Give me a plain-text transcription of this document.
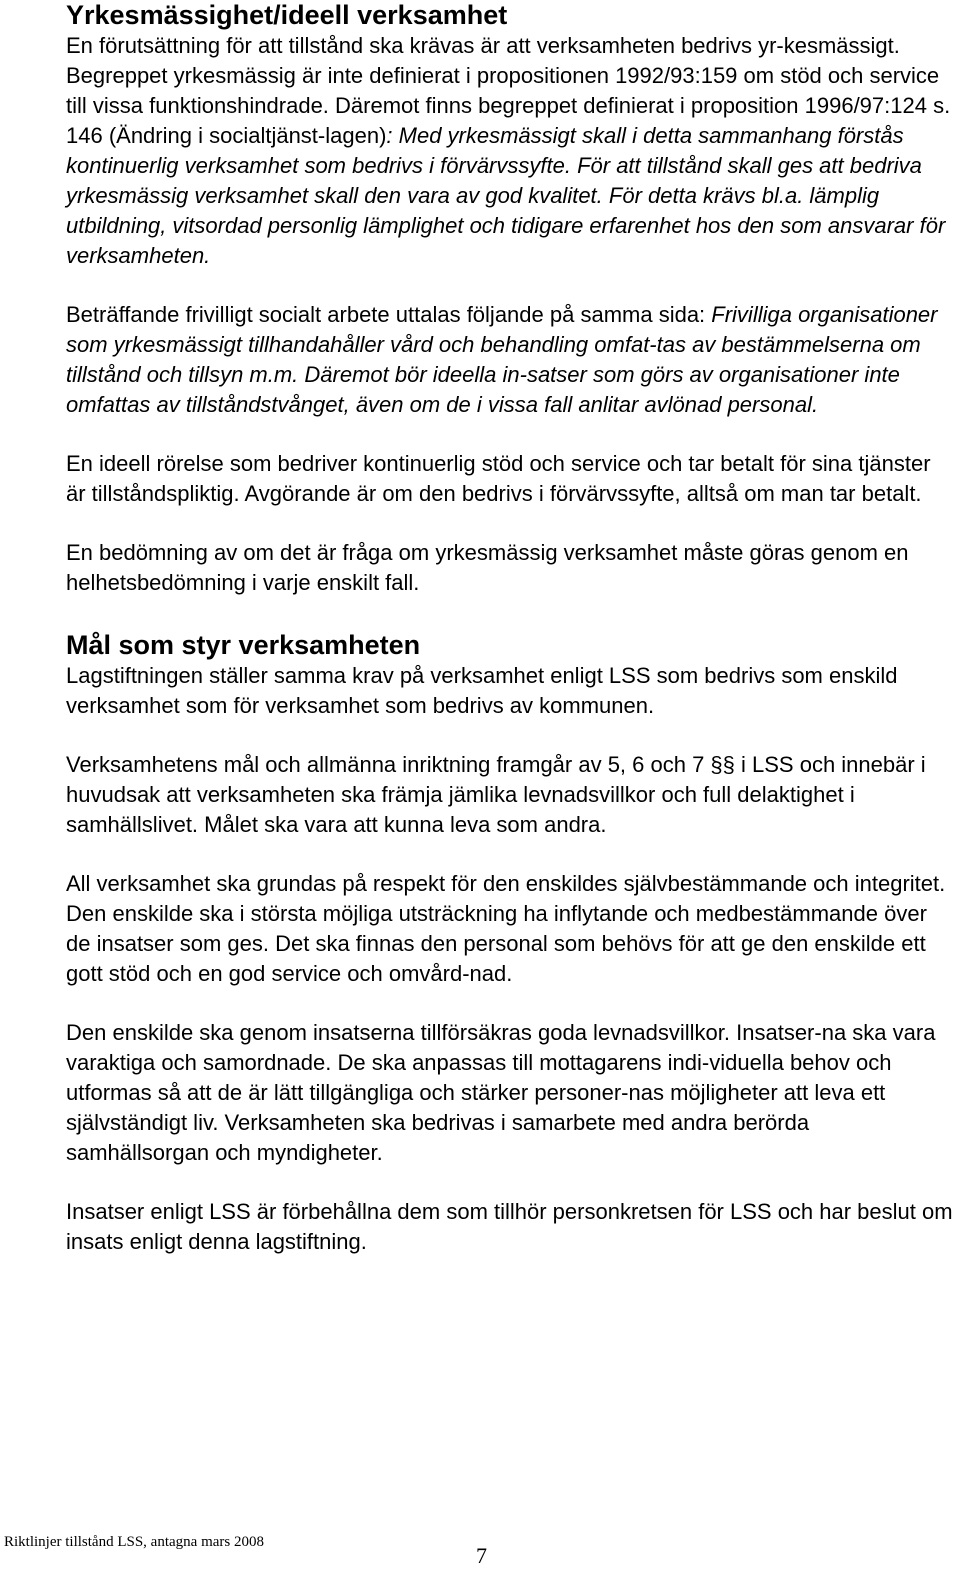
Yrkesmässighet/ideell verksamhet

En förutsättning för att tillstånd ska krävas är att verksamheten bedrivs yr-kesmässigt. Begreppet yrkesmässig är inte definierat i propositionen 1992/93:159 om stöd och service till vissa funktionshindrade. Däremot finns begreppet definierat i proposition 1996/97:124 s. 146 (Ändring i socialtjänst-lagen): Med yrkesmässigt skall i detta sammanhang förstås kontinuerlig verksamhet som bedrivs i förvärvssyfte. För att tillstånd skall ges att bedriva yrkesmässig verksamhet skall den vara av god kvalitet. För detta krävs bl.a. lämplig utbildning, vitsordad personlig lämplighet och tidigare erfarenhet hos den som ansvarar för verksamheten.

Beträffande frivilligt socialt arbete uttalas följande på samma sida: Frivilliga organisationer som yrkesmässigt tillhandahåller vård och behandling omfat-tas av bestämmelserna om tillstånd och tillsyn m.m. Däremot bör ideella in-satser som görs av organisationer inte omfattas av tillståndstvånget, även om de i vissa fall anlitar avlönad personal.

En ideell rörelse som bedriver kontinuerlig stöd och service och tar betalt för sina tjänster är tillståndspliktig. Avgörande är om den bedrivs i förvärvssyfte, alltså om man tar betalt.

En bedömning av om det är fråga om yrkesmässig verksamhet måste göras genom en helhetsbedömning i varje enskilt fall.

Mål som styr verksamheten

Lagstiftningen ställer samma krav på verksamhet enligt LSS som bedrivs som enskild verksamhet som för verksamhet som bedrivs av kommunen.

Verksamhetens mål och allmänna inriktning framgår av 5, 6 och 7 §§ i LSS och innebär i huvudsak att verksamheten ska främja jämlika levnadsvillkor och full delaktighet i samhällslivet. Målet ska vara att kunna leva som andra.

All verksamhet ska grundas på respekt för den enskildes självbestämmande och integritet. Den enskilde ska i största möjliga utsträckning ha inflytande och medbestämmande över de insatser som ges. Det ska finnas den personal som behövs för att ge den enskilde ett gott stöd och en god service och omvård-nad.

Den enskilde ska genom insatserna tillförsäkras goda levnadsvillkor. Insatser-na ska vara varaktiga och samordnade. De ska anpassas till mottagarens indi-viduella behov och utformas så att de är lätt tillgängliga och stärker personer-nas möjligheter att leva ett självständigt liv. Verksamheten ska bedrivas i samarbete med andra berörda samhällsorgan och myndigheter.

Insatser enligt LSS är förbehållna dem som tillhör personkretsen för LSS och har beslut om insats enligt denna lagstiftning.

Riktlinjer tillstånd LSS, antagna mars 2008
7
